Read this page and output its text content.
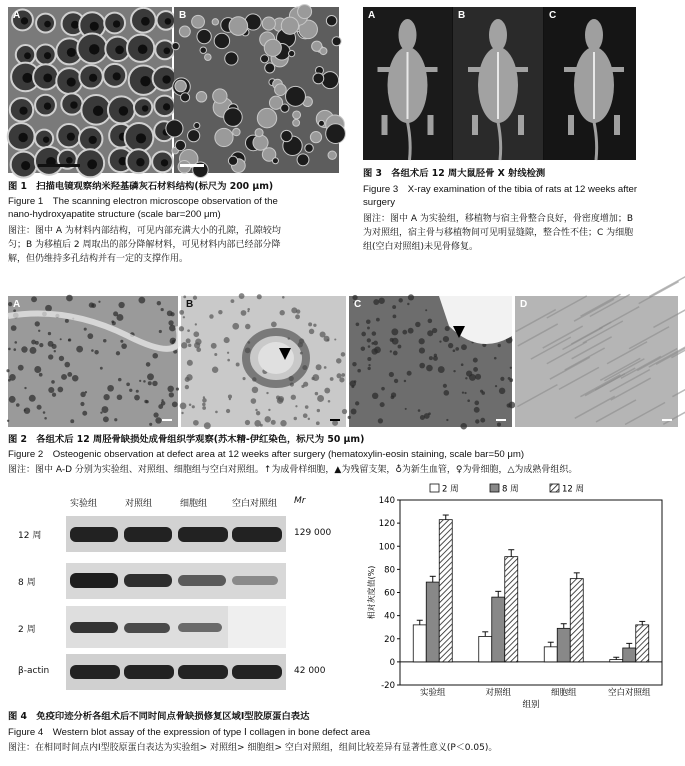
A	B
图 1　扫描电镜观察纳米羟基磷灰石材料结构(标尺为 200 μm)
Figure 1　The scanning electron microscope observation of the
nano-hydroxyapatite structure (scale bar=200 μm)
图注：图中 A 为材料内部结构，可见内部充满大小的孔隙，孔隙较均
匀；B 为移植后 2 周取出的部分降解材料，可见材料内部已经部分降
解，但仍维持多孔结构并有一定的支撑作用。
A	B	C
图 3　各组术后 12 周大鼠胫骨 X 射线检测
Figure 3　X-ray examination of the tibia of rats at 12 weeks after
surgery
图注：图中 A 为实验组，移植物与宿主骨整合良好，骨密度增加；B
为对照组，宿主骨与移植物间可见明显缝隙，整合性不佳；C 为细胞
组(空白对照组)未见骨修复。
A	B	C	D
图 2　各组术后 12 周胫骨缺损处成骨组织学观察(苏木精-伊红染色，标尺为 50 μm)
Figure 2　Osteogenic observation at defect area at 12 weeks after surgery (hematoxylin-eosin staining, scale bar=50 μm)
图注：图中 A-D 分别为实验组、对照组、细胞组与空白对照组。↑为成骨样细胞，▲为残留支架，♁为新生血管，♀为骨细胞，△为成熟骨组织。
实验组	对照组	细胞组	空白对照组 Mr
12 周	129 000
8 周
2 周
β-actin	42 000
-20
0
20
40
60
80
100
120
140
相对灰度值(%)
组别
实验组	对照组	细胞组	空白对照组
2 周	8 周	12 周
图 4　免疫印迹分析各组术后不同时间点骨缺损修复区域Ⅰ型胶原蛋白表达
Figure 4　Western blot assay of the expression of type Ⅰ collagen in bone defect area
图注：在相同时间点内Ⅰ型胶原蛋白表达为实验组> 对照组> 细胞组> 空白对照组，组间比较差异有显著性意义(P＜0.05)。
